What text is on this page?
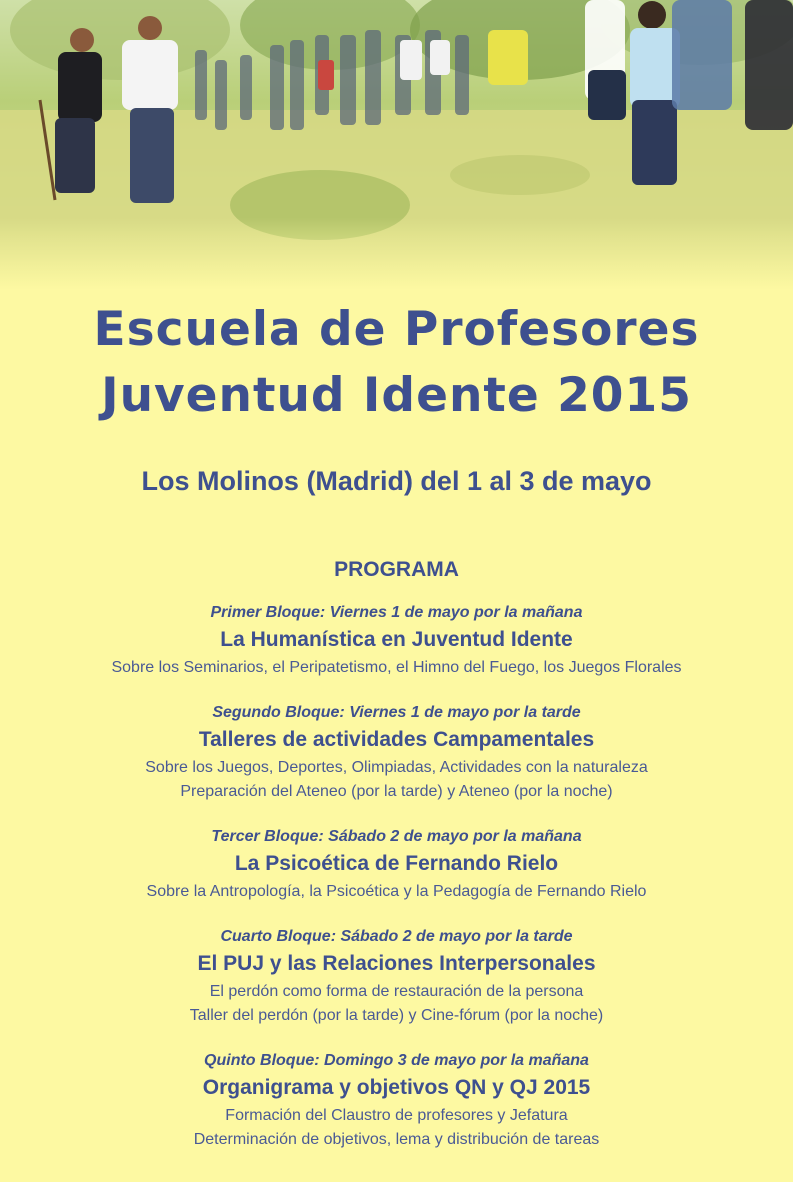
Escuela de Profesores
Juventud Idente 2015
Los Molinos (Madrid) del 1 al 3 de mayo
PROGRAMA
Primer Bloque: Viernes 1 de mayo por la mañana
La Humanística en Juventud Idente
Sobre los Seminarios, el Peripatetismo, el Himno del Fuego, los Juegos Florales
Segundo Bloque: Viernes 1 de mayo por la tarde
Talleres de actividades Campamentales
Sobre los Juegos, Deportes, Olimpiadas, Actividades con la naturaleza
Preparación del Ateneo (por la tarde) y Ateneo (por la noche)
Tercer Bloque: Sábado 2 de mayo por la mañana
La Psicoética de Fernando Rielo
Sobre la Antropología, la Psicoética y la Pedagogía de Fernando Rielo
Cuarto Bloque: Sábado 2 de mayo por la tarde
El PUJ y las Relaciones Interpersonales
El perdón como forma de restauración de la persona
Taller del perdón (por la tarde) y Cine-fórum (por la noche)
Quinto Bloque: Domingo 3 de mayo por la mañana
Organigrama y objetivos QN y QJ 2015
Formación del Claustro de profesores y Jefatura
Determinación de objetivos, lema y distribución de tareas
